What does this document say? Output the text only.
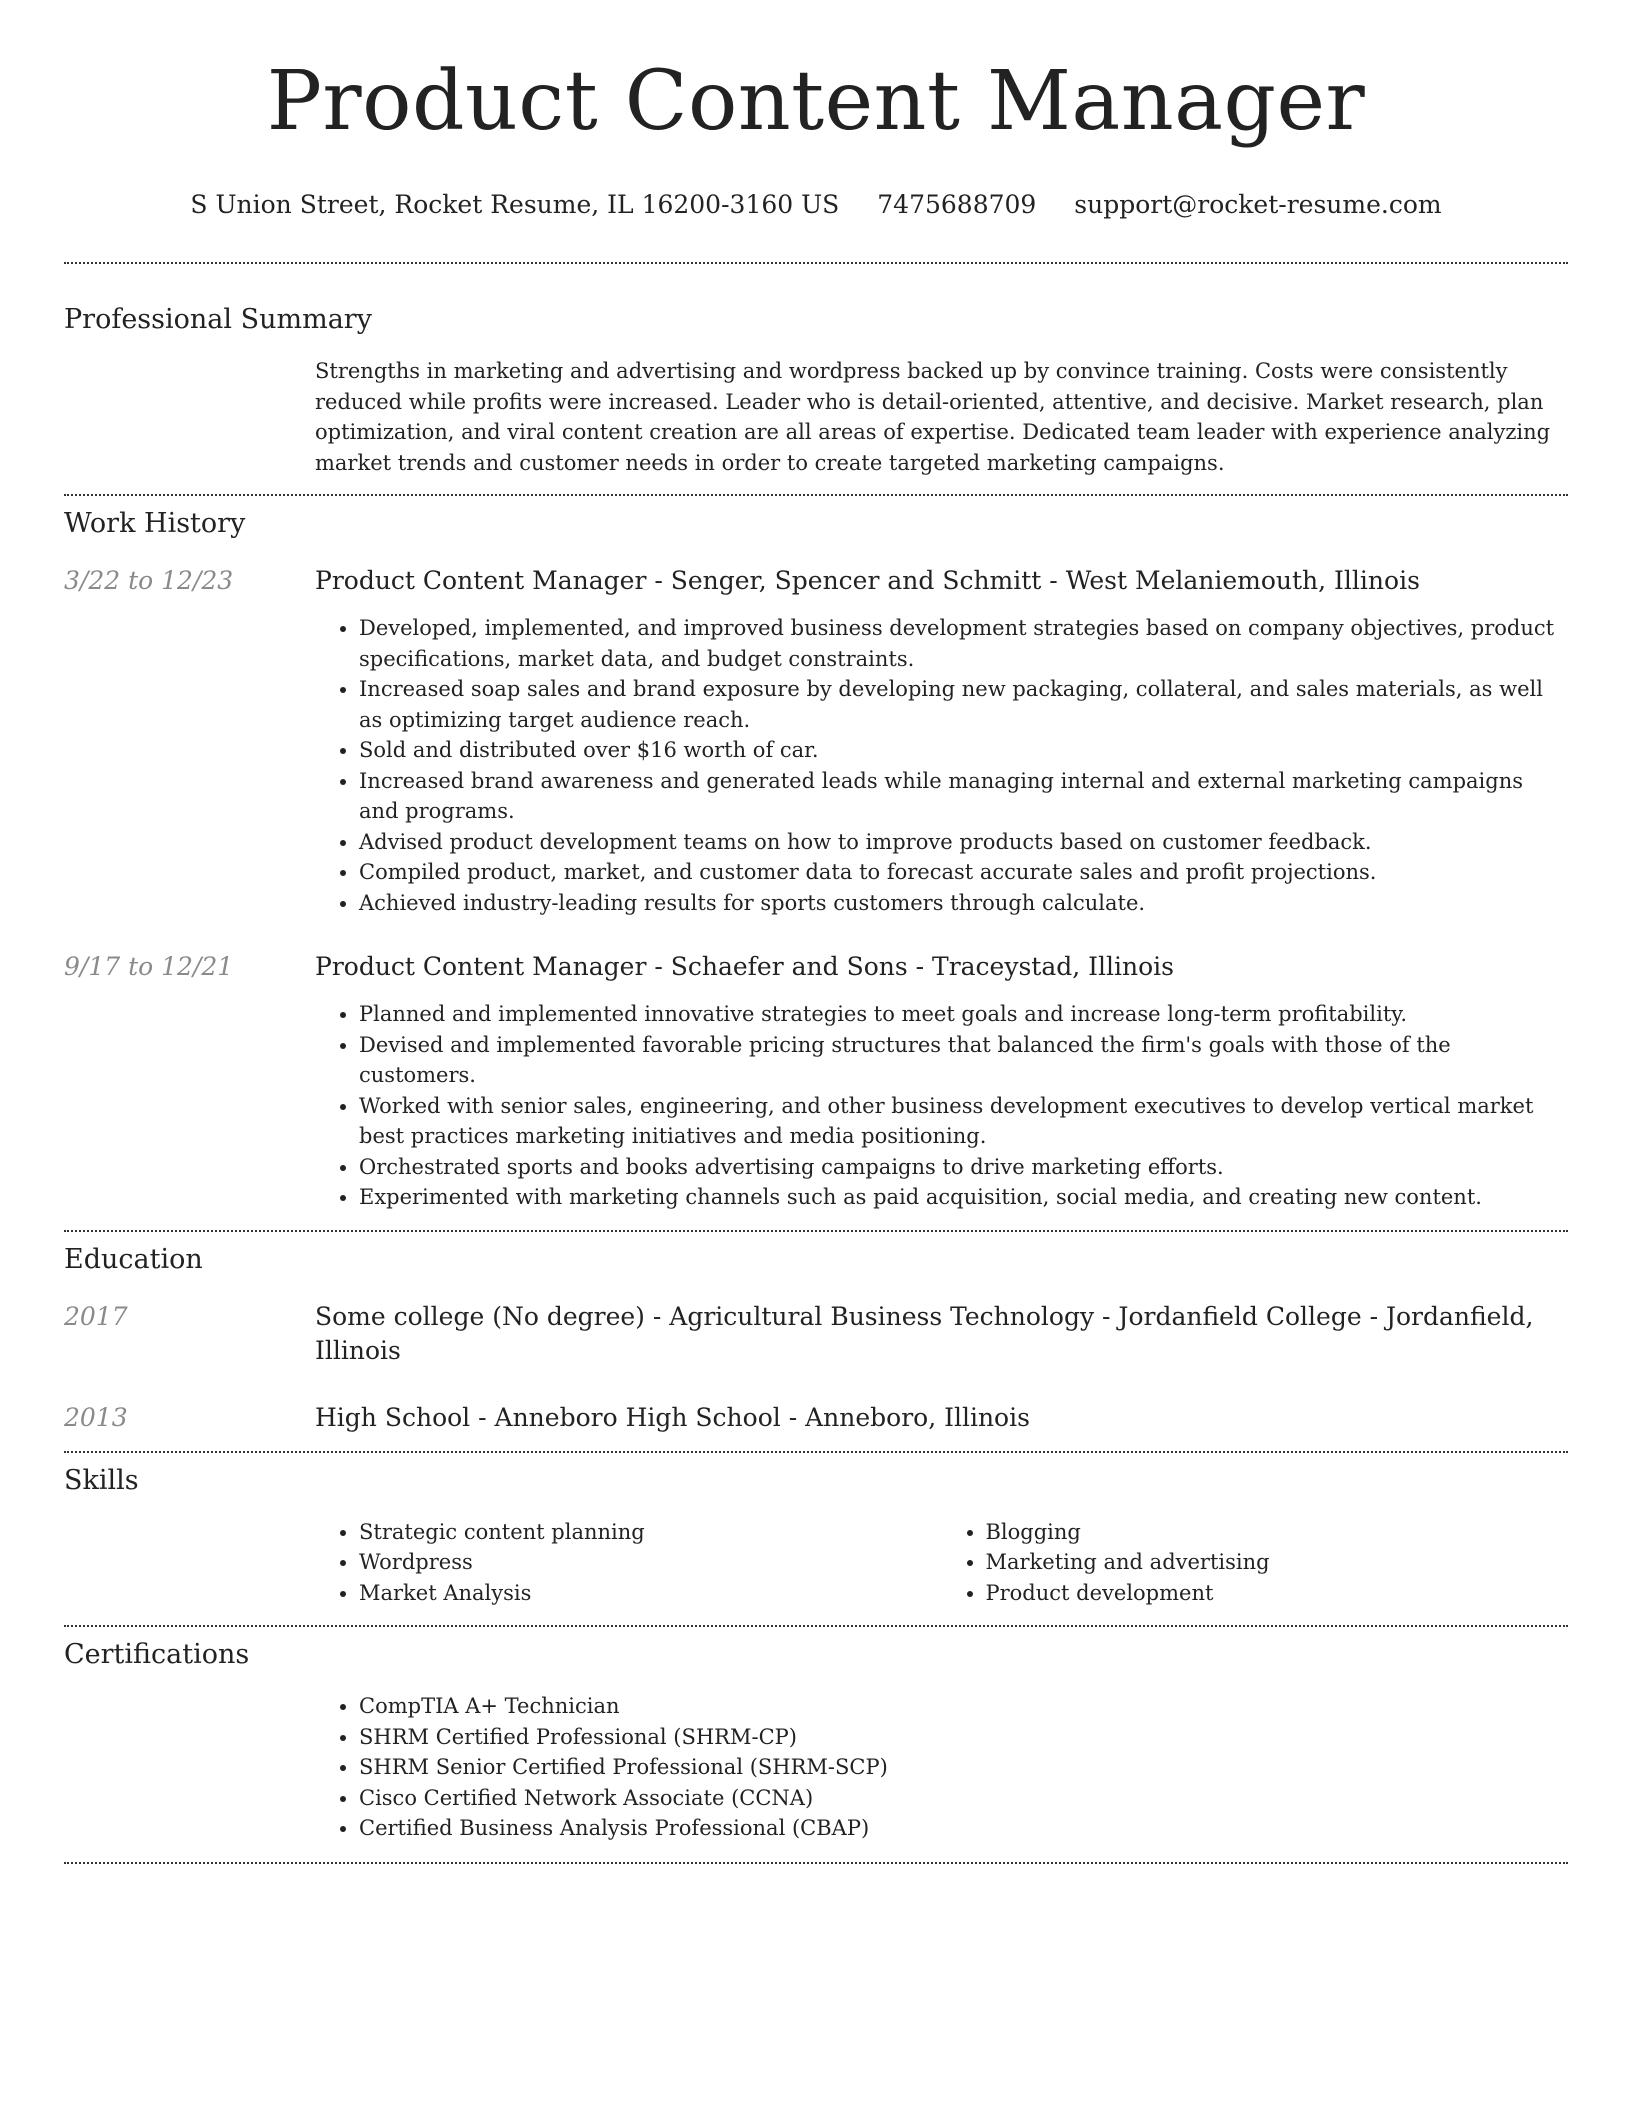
Product Content Manager
S Union Street, Rocket Resume, IL 16200-3160 US 7475688709 support@rocket-resume.com
Professional Summary

Strengths in marketing and advertising and wordpress backed up by convince training. Costs were consistently reduced while profits were increased. Leader who is detail-oriented, attentive, and decisive. Market research, plan optimization, and viral content creation are all areas of expertise. Dedicated team leader with experience analyzing market trends and customer needs in order to create targeted marketing campaigns.

Work History
3/22 to 12/23	Product Content Manager - Senger, Spencer and Schmitt - West Melaniemouth, Illinois

• Developed, implemented, and improved business development strategies based on company objectives, product specifications, market data, and budget constraints.
• Increased soap sales and brand exposure by developing new packaging, collateral, and sales materials, as well as optimizing target audience reach.
• Sold and distributed over $16 worth of car.
• Increased brand awareness and generated leads while managing internal and external marketing campaigns and programs.
• Advised product development teams on how to improve products based on customer feedback.
• Compiled product, market, and customer data to forecast accurate sales and profit projections.
• Achieved industry-leading results for sports customers through calculate.
9/17 to 12/21	Product Content Manager - Schaefer and Sons - Traceystad, Illinois

• Planned and implemented innovative strategies to meet goals and increase long-term profitability.
• Devised and implemented favorable pricing structures that balanced the firm's goals with those of the customers.
• Worked with senior sales, engineering, and other business development executives to develop vertical market best practices marketing initiatives and media positioning.
• Orchestrated sports and books advertising campaigns to drive marketing efforts.
• Experimented with marketing channels such as paid acquisition, social media, and creating new content.
Education
2017	Some college (No degree) - Agricultural Business Technology - Jordanfield College - Jordanfield, Illinois

2013	High School - Anneboro High School - Anneboro, Illinois

Skills
• Strategic content planning
• Wordpress
• Market Analysis
• Blogging
• Marketing and advertising
• Product development
Certifications
• CompTIA A+ Technician
• SHRM Certified Professional (SHRM-CP)
• SHRM Senior Certified Professional (SHRM-SCP)
• Cisco Certified Network Associate (CCNA)
• Certified Business Analysis Professional (CBAP)
